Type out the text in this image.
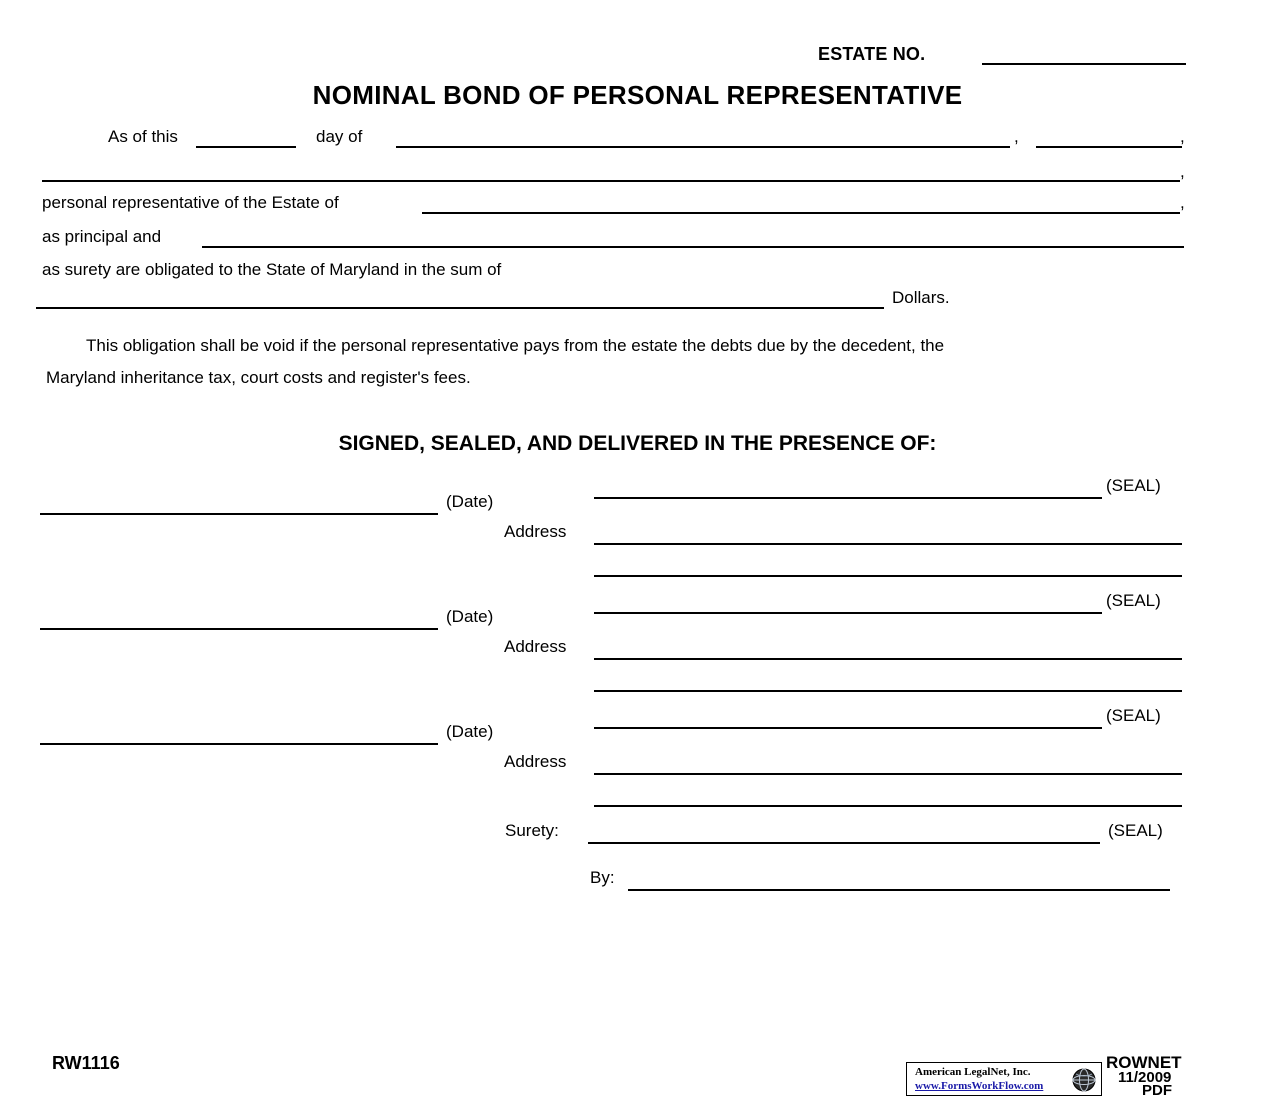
ESTATE NO.
NOMINAL BOND OF PERSONAL REPRESENTATIVE
As of this	day of	,	,
,
personal representative of the Estate of	,
as principal and
as surety are obligated to the State of Maryland in the sum of
Dollars.
This obligation shall be void if the personal representative pays from the estate the debts due by the decedent, the
Maryland inheritance tax, court costs and register's fees.
SIGNED, SEALED, AND DELIVERED IN THE PRESENCE OF:
(Date)
(SEAL)
Address
(Date)
(SEAL)
Address
(Date)
(SEAL)
Address
Surety:	(SEAL)
By:
RW1116	American LegalNet, Inc.
www.FormsWorkFlow.com
ROWNET
11/2009
PDF
